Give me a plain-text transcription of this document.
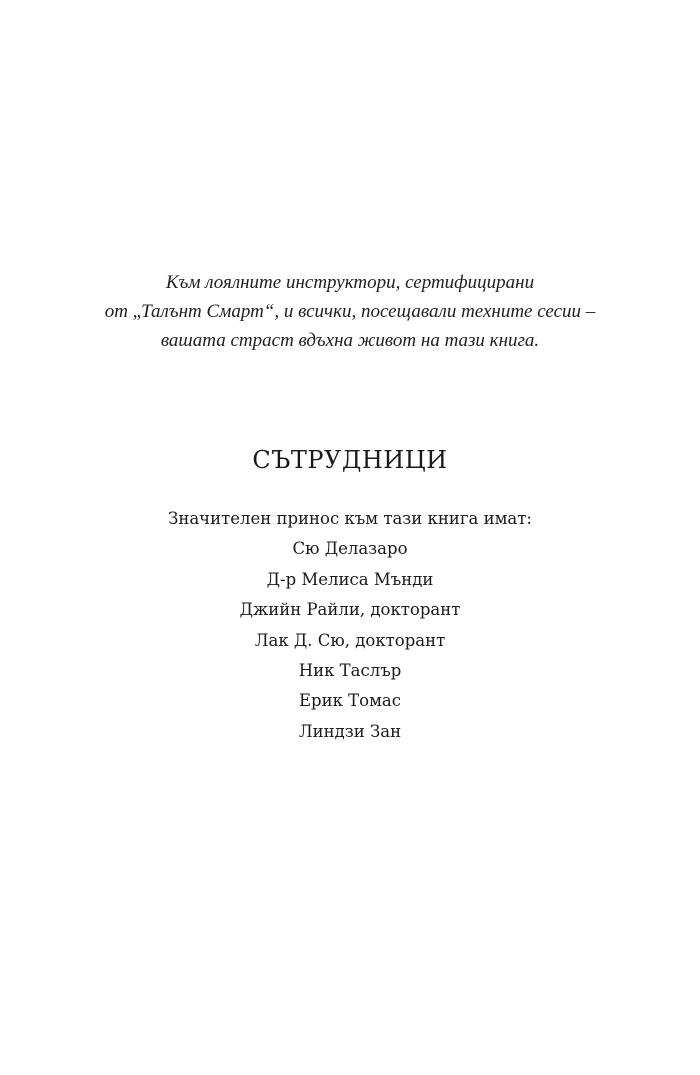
Към лоялните инструктори, сертифицирани
от „Талънт Смарт“, и всички, посещавали техните сесии –
вашата страст вдъхна живот на тази книга.
СЪТРУДНИЦИ
Значителен принос към тази книга имат:
Сю Делазаро
Д-р Мелиса Мънди
Джийн Райли, докторант
Лак Д. Сю, докторант
Ник Таслър
Ерик Томас
Линдзи Зан
